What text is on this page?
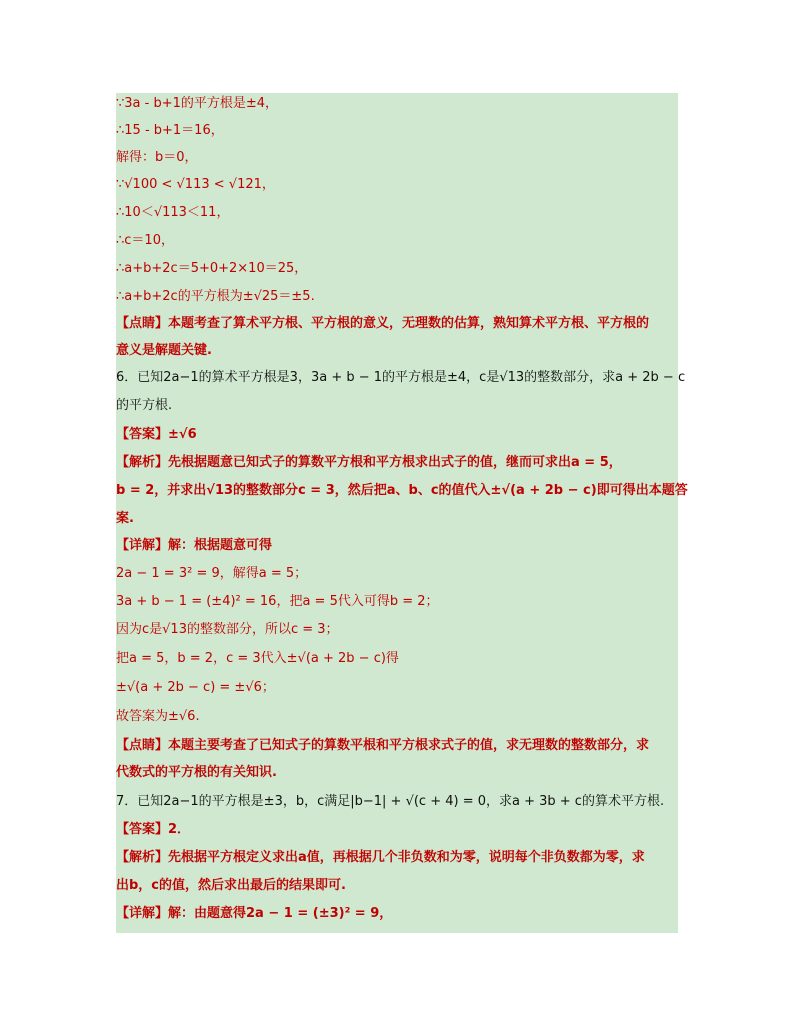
∵3a - b+1的平方根是±4，
∴15 - b+1＝16，
解得：b＝0，
∵√100 < √113 < √121，
∴10＜√113＜11，
∴c＝10，
∴a+b+2c＝5+0+2×10＝25，
∴a+b+2c的平方根为±√25＝±5.
【点睛】本题考查了算术平方根、平方根的意义，无理数的估算，熟知算术平方根、平方根的
意义是解题关键.
6．已知2a−1的算术平方根是3，3a + b − 1的平方根是±4，c是√13的整数部分，求a + 2b − c
的平方根.
【答案】±√6
【解析】先根据题意已知式子的算数平方根和平方根求出式子的值，继而可求出a = 5，
b = 2，并求出√13的整数部分c = 3，然后把a、b、c的值代入±√(a + 2b − c)即可得出本题答
案.
【详解】解：根据题意可得
2a − 1 = 3² = 9，解得a = 5；
3a + b − 1 = (±4)² = 16，把a = 5代入可得b = 2；
因为c是√13的整数部分，所以c = 3；
把a = 5，b = 2，c = 3代入±√(a + 2b − c)得
±√(a + 2b − c) = ±√6；
故答案为±√6.
【点睛】本题主要考查了已知式子的算数平根和平方根求式子的值，求无理数的整数部分，求
代数式的平方根的有关知识.
7．已知2a−1的平方根是±3，b，c满足|b−1| + √(c + 4) = 0，求a + 3b + c的算术平方根.
【答案】2．
【解析】先根据平方根定义求出a值，再根据几个非负数和为零，说明每个非负数都为零，求
出b，c的值，然后求出最后的结果即可.
【详解】解：由题意得2a − 1 = (±3)² = 9，
